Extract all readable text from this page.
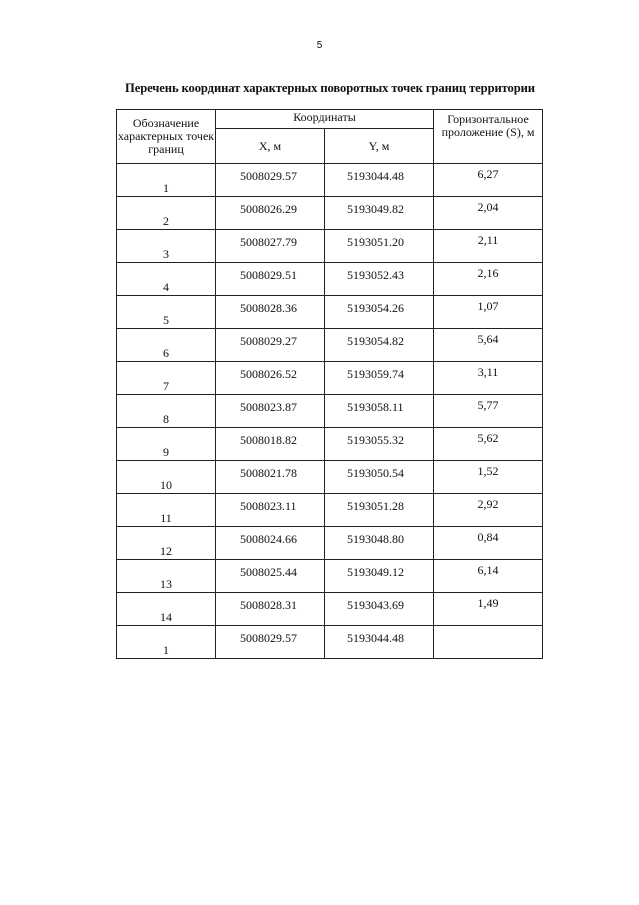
5
Перечень координат характерных поворотных точек границ территории
Обозначение характерных точек границ	Координаты		Горизонтальное проложение (S), м
	X, м	Y, м	
1	5008029.57	5193044.48	6,27
2	5008026.29	5193049.82	2,04
3	5008027.79	5193051.20	2,11
4	5008029.51	5193052.43	2,16
5	5008028.36	5193054.26	1,07
6	5008029.27	5193054.82	5,64
7	5008026.52	5193059.74	3,11
8	5008023.87	5193058.11	5,77
9	5008018.82	5193055.32	5,62
10	5008021.78	5193050.54	1,52
11	5008023.11	5193051.28	2,92
12	5008024.66	5193048.80	0,84
13	5008025.44	5193049.12	6,14
14	5008028.31	5193043.69	1,49
1	5008029.57	5193044.48	
